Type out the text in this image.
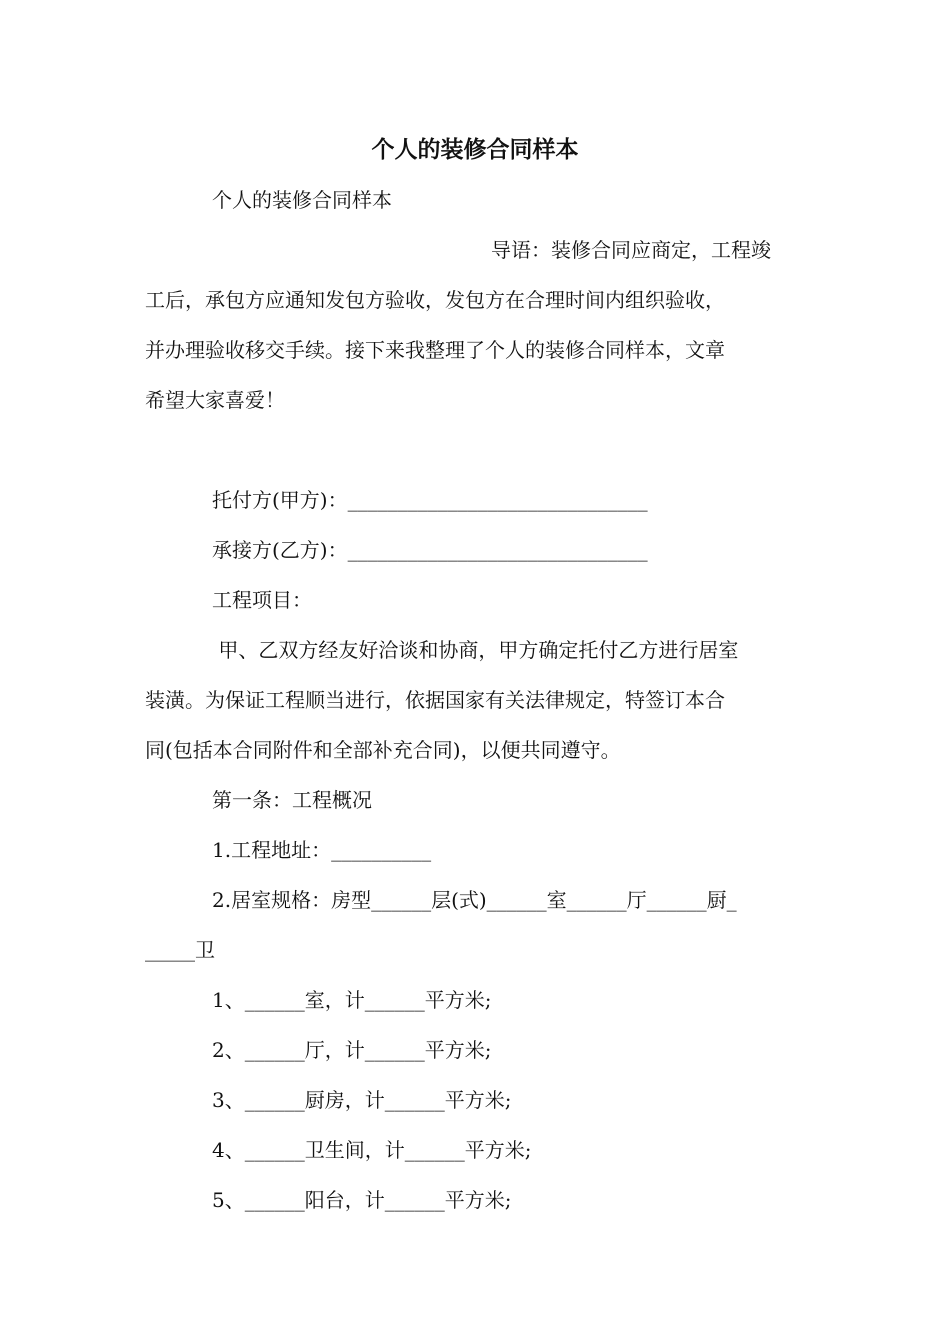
个人的装修合同样本
个人的装修合同样本
导语：装修合同应商定，工程竣
工后，承包方应通知发包方验收，发包方在合理时间内组织验收，
并办理验收移交手续。接下来我整理了个人的装修合同样本，文章
希望大家喜爱！
托付方(甲方)：______________________________
承接方(乙方)：______________________________
工程项目：
甲、乙双方经友好洽谈和协商，甲方确定托付乙方进行居室
装潢。为保证工程顺当进行，依据国家有关法律规定，特签订本合
同(包括本合同附件和全部补充合同)，以便共同遵守。
第一条：工程概况
1.工程地址：__________
2.居室规格：房型______层(式)______室______厅______厨_
_____卫
1、______室，计______平方米;
2、______厅，计______平方米;
3、______厨房，计______平方米;
4、______卫生间，计______平方米;
5、______阳台，计______平方米;
